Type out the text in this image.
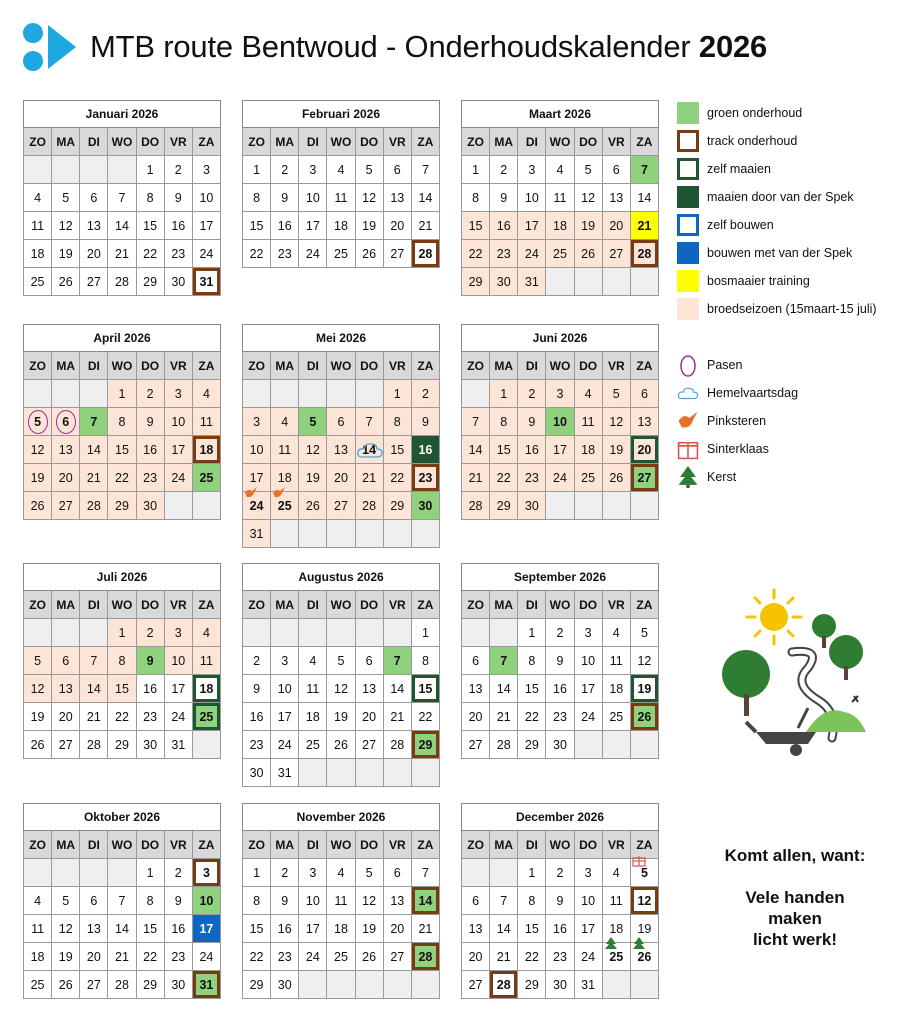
MTB route Bentwoud - Onderhoudskalender 2026
Januari 2026						
ZO	MA	DI	WO	DO	VR	ZA
				1	2	3
4	5	6	7	8	9	10
11	12	13	14	15	16	17
18	19	20	21	22	23	24
25	26	27	28	29	30	31
Februari 2026						
ZO	MA	DI	WO	DO	VR	ZA
1	2	3	4	5	6	7
8	9	10	11	12	13	14
15	16	17	18	19	20	21
22	23	24	25	26	27	28
Maart 2026						
ZO	MA	DI	WO	DO	VR	ZA
1	2	3	4	5	6	7
8	9	10	11	12	13	14
15	16	17	18	19	20	21
22	23	24	25	26	27	28
29	30	31				
April 2026						
ZO	MA	DI	WO	DO	VR	ZA
			1	2	3	4

5	6	7	8	9	10	11
12	13	14	15	16	17	18
19	20	21	22	23	24	25
26	27	28	29	30		
Mei 2026						
ZO	MA	DI	WO	DO	VR	ZA
					1	2
3	4	5	6	7	8	9
10	11	12	13	14	15	16
17	18	19	20	21	22	23

24	25	26	27	28	29	30
31						
Juni 2026						
ZO	MA	DI	WO	DO	VR	ZA
	1	2	3	4	5	6
7	8	9	10	11	12	13
14	15	16	17	18	19	20
21	22	23	24	25	26	27
28	29	30				
Juli 2026						
ZO	MA	DI	WO	DO	VR	ZA
			1	2	3	4
5	6	7	8	9	10	11
12	13	14	15	16	17	18
19	20	21	22	23	24	25
26	27	28	29	30	31	
Augustus 2026						
ZO	MA	DI	WO	DO	VR	ZA
						1
2	3	4	5	6	7	8
9	10	11	12	13	14	15
16	17	18	19	20	21	22
23	24	25	26	27	28	29
30	31					
September 2026						
ZO	MA	DI	WO	DO	VR	ZA
		1	2	3	4	5
6	7	8	9	10	11	12
13	14	15	16	17	18	19
20	21	22	23	24	25	26
27	28	29	30			
Oktober 2026						
ZO	MA	DI	WO	DO	VR	ZA
				1	2	3
4	5	6	7	8	9	10
11	12	13	14	15	16	17
18	19	20	21	22	23	24
25	26	27	28	29	30	31
November 2026						
ZO	MA	DI	WO	DO	VR	ZA
1	2	3	4	5	6	7
8	9	10	11	12	13	14
15	16	17	18	19	20	21
22	23	24	25	26	27	28
29	30					
December 2026						
ZO	MA	DI	WO	DO	VR	ZA
		1	2	3	4	5
6	7	8	9	10	11	12
13	14	15	16	17	18	19
20	21	22	23	24	25	26
27	28	29	30	31		
groen onderhoud
track onderhoud
zelf maaien
maaien door van der Spek
zelf bouwen
bouwen met van der Spek
bosmaaier training
broedseizoen (15maart-15 juli)
Pasen
Hemelvaartsdag
Pinksteren
Sinterklaas
Kerst
Komt allen, want:
Vele handen
maken
licht werk!
